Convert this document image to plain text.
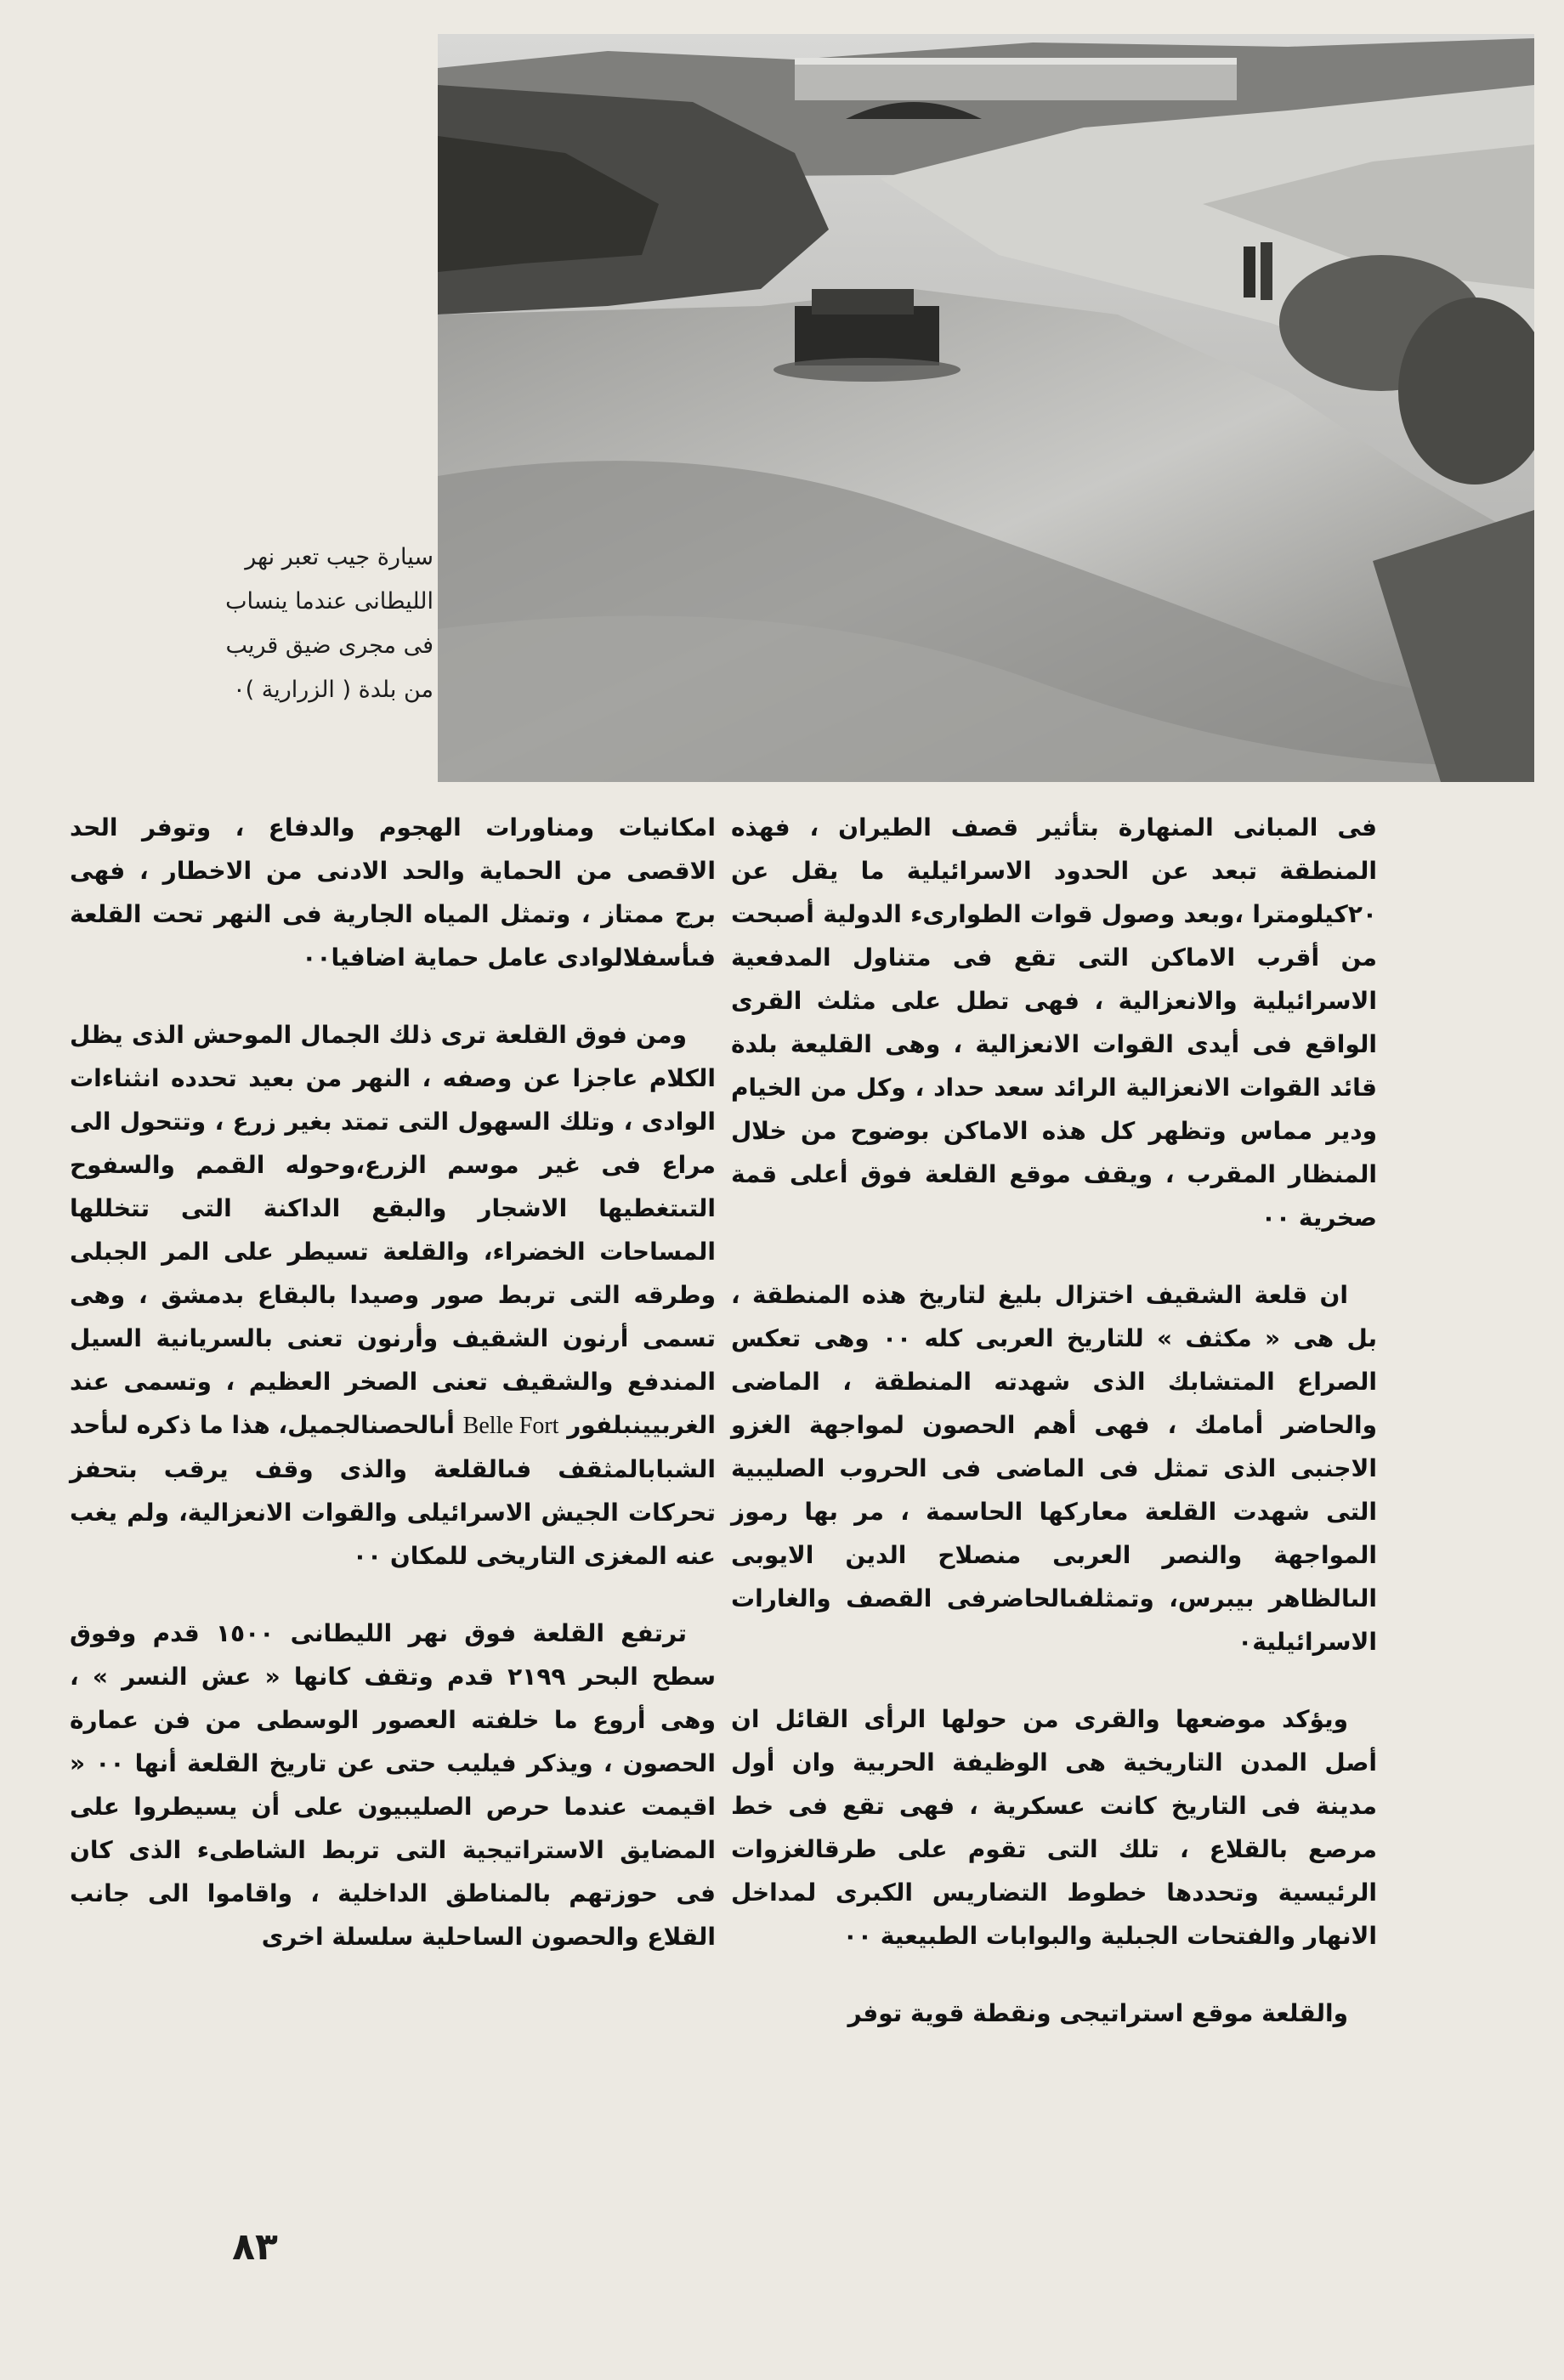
سيارة جيب تعبر نهر

الليطانى عندما ينساب

فى مجرى ضيق قريب

من بلدة ( الزرارية )٠

فى المبانى المنهارة بتأثير قصف الطيران ، فهذه المنطقة تبعد عن الحدود الاسرائيلية ما يقل عن ٢٠كيلومترا ،وبعد وصول قوات الطوارىء الدولية أصبحت من أقرب الاماكن التى تقع فى متناول المدفعية الاسرائيلية والانعزالية ، فهى تطل على مثلث القرى الواقع فى أيدى القوات الانعزالية ، وهى القليعة بلدة قائد القوات الانعزالية الرائد سعد حداد ، وكل من الخيام ودير مماس وتظهر كل هذه الاماكن بوضوح من خلال المنظار المقرب ، ويقف موقع القلعة فوق أعلى قمة صخرية ٠٠

ان قلعة الشقيف اختزال بليغ لتاريخ هذه المنطقة ، بل هى « مكثف » للتاريخ العربى كله ٠٠ وهى تعكس الصراع المتشابك الذى شهدته المنطقة ، الماضى والحاضر أمامك ، فهى أهم الحصون لمواجهة الغزو الاجنبى الذى تمثل فى الماضى فى الحروب الصليبية التى شهدت القلعة معاركها الحاسمة ، مر بها رموز المواجهة والنصر العربى منصلاح الدين الايوبى الىالظاهر بيبرس، وتمثلفىالحاضرفى القصف والغارات الاسرائيلية٠

ويؤكد موضعها والقرى من حولها الرأى القائل ان أصل المدن التاريخية هى الوظيفة الحربية وان أول مدينة فى التاريخ كانت عسكرية ، فهى تقع فى خط مرصع بالقلاع ، تلك التى تقوم على طرقالغزوات الرئيسية وتحددها خطوط التضاريس الكبرى لمداخل الانهار والفتحات الجبلية والبوابات الطبيعية ٠٠

والقلعة موقع استراتيجى ونقطة قوية توفر

امكانيات ومناورات الهجوم والدفاع ، وتوفر الحد الاقصى من الحماية والحد الادنى من الاخطار ، فهى برج ممتاز ، وتمثل المياه الجارية فى النهر تحت القلعة فىأسفلالوادى عامل حماية اضافيا٠٠

ومن فوق القلعة ترى ذلك الجمال الموحش الذى يظل الكلام عاجزا عن وصفه ، النهر من بعيد تحدده انثناءات الوادى ، وتلك السهول التى تمتد بغير زرع ، وتتحول الى مراع فى غير موسم الزرع،وحوله القمم والسفوح التىتغطيها الاشجار والبقع الداكنة التى تتخللها المساحات الخضراء، والقلعة تسيطر على المر الجبلى وطرقه التى تربط صور وصيدا بالبقاع بدمشق ، وهى تسمى أرنون الشقيف وأرنون تعنى بالسريانية السيل المندفع والشقيف تعنى الصخر العظيم ، وتسمى عند الغربيينبلفور Belle Fort أىالحصنالجميل، هذا ما ذكره لىأحد الشبابالمثقف فىالقلعة والذى وقف يرقب بتحفز تحركات الجيش الاسرائيلى والقوات الانعزالية، ولم يغب عنه المغزى التاريخى للمكان ٠٠

ترتفع القلعة فوق نهر الليطانى ١٥٠٠ قدم وفوق سطح البحر ٢١٩٩ قدم وتقف كانها « عش النسر » ، وهى أروع ما خلفته العصور الوسطى من فن عمارة الحصون ، ويذكر فيليب حتى عن تاريخ القلعة أنها ٠٠ « اقيمت عندما حرص الصليبيون على أن يسيطروا على المضايق الاستراتيجية التى تربط الشاطىء الذى كان فى حوزتهم بالمناطق الداخلية ، واقاموا الى جانب القلاع والحصون الساحلية سلسلة اخرى

٨٣
